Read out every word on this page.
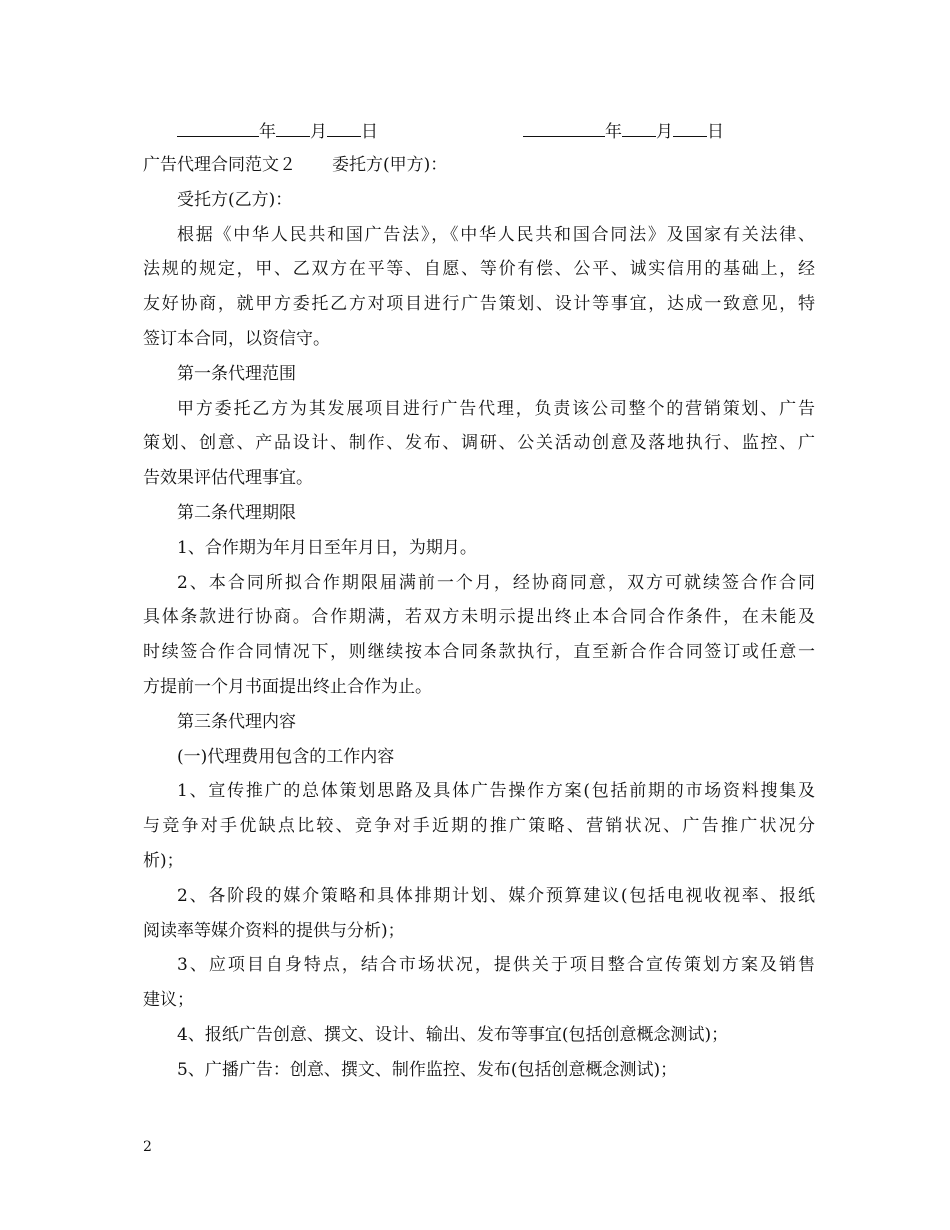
年 月 日	年 月 日
广告代理合同范文２ 委托方(甲方)：
受托方(乙方)：
根据《中华人民共和国广告法》，《中华人民共和国合同法》及国家有关法律、
法规的规定，甲、乙双方在平等、自愿、等价有偿、公平、诚实信用的基础上，经
友好协商，就甲方委托乙方对项目进行广告策划、设计等事宜，达成一致意见，特
签订本合同，以资信守。
第一条代理范围
甲方委托乙方为其发展项目进行广告代理，负责该公司整个的营销策划、广告
策划、创意、产品设计、制作、发布、调研、公关活动创意及落地执行、监控、广
告效果评估代理事宜。
第二条代理期限
1、合作期为年月日至年月日，为期月。
2、本合同所拟合作期限届满前一个月，经协商同意，双方可就续签合作合同
具体条款进行协商。合作期满，若双方未明示提出终止本合同合作条件，在未能及
时续签合作合同情况下，则继续按本合同条款执行，直至新合作合同签订或任意一
方提前一个月书面提出终止合作为止。
第三条代理内容
(一)代理费用包含的工作内容
1、宣传推广的总体策划思路及具体广告操作方案(包括前期的市场资料搜集及
与竞争对手优缺点比较、竞争对手近期的推广策略、营销状况、广告推广状况分
析)；
2、各阶段的媒介策略和具体排期计划、媒介预算建议(包括电视收视率、报纸
阅读率等媒介资料的提供与分析)；
3、应项目自身特点，结合市场状况，提供关于项目整合宣传策划方案及销售
建议；
4、报纸广告创意、撰文、设计、输出、发布等事宜(包括创意概念测试)；
5、广播广告：创意、撰文、制作监控、发布(包括创意概念测试)；
2
